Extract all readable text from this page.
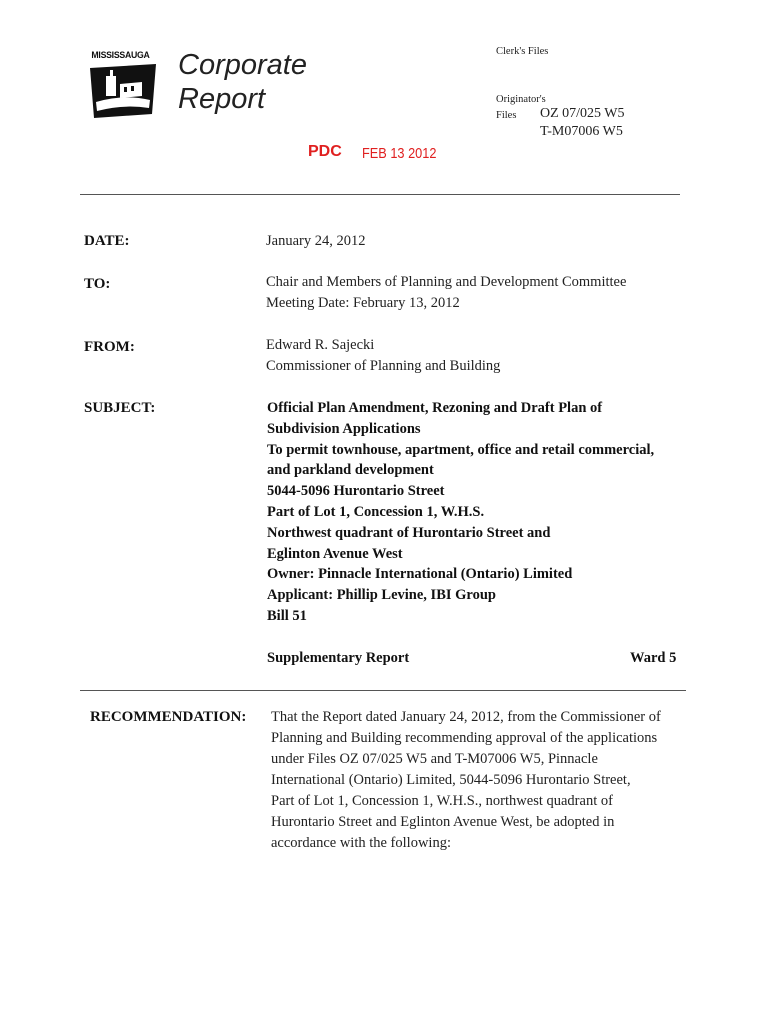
MISSISSAUGA Corporate
Report
Clerk's Files
Originator's
Files OZ 07/025 W5
T-M07006 W5
PDC FEB 13 2012
DATE:	January 24, 2012
TO:	Chair and Members of Planning and Development Committee
Meeting Date: February 13, 2012
FROM:	Edward R. Sajecki
Commissioner of Planning and Building
SUBJECT:	Official Plan Amendment, Rezoning and Draft Plan of
Subdivision Applications
To permit townhouse, apartment, office and retail commercial,
and parkland development
5044-5096 Hurontario Street
Part of Lot 1, Concession 1, W.H.S.
Northwest quadrant of Hurontario Street and
Eglinton Avenue West
Owner: Pinnacle International (Ontario) Limited
Applicant: Phillip Levine, IBI Group
Bill 51
Supplementary Report	Ward 5
RECOMMENDATION: That the Report dated January 24, 2012, from the Commissioner of
Planning and Building recommending approval of the applications
under Files OZ 07/025 W5 and T-M07006 W5, Pinnacle
International (Ontario) Limited, 5044-5096 Hurontario Street,
Part of Lot 1, Concession 1, W.H.S., northwest quadrant of
Hurontario Street and Eglinton Avenue West, be adopted in
accordance with the following:
